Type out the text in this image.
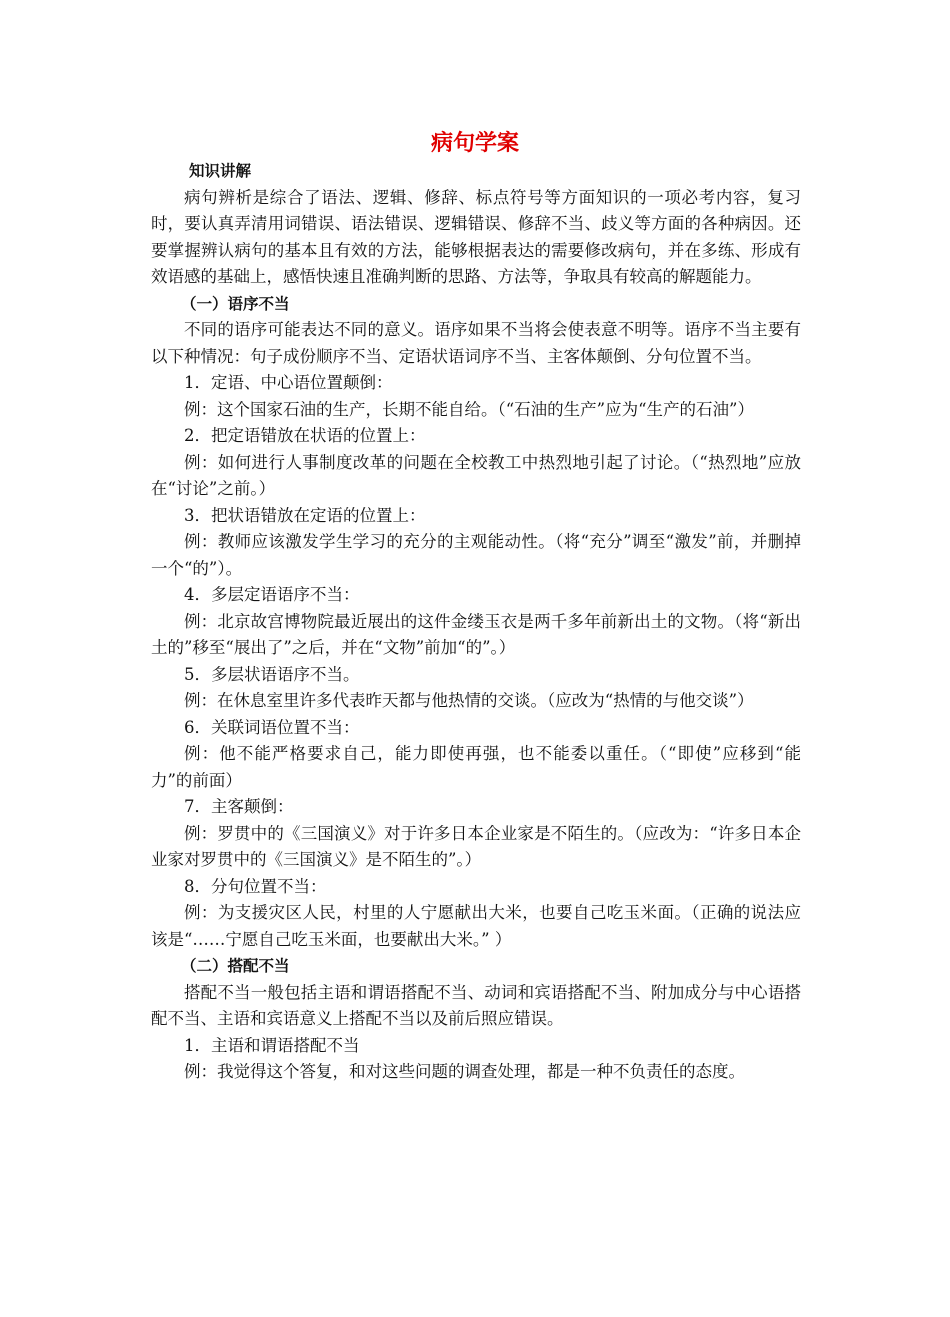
病句学案

知识讲解

病句辨析是综合了语法、逻辑、修辞、标点符号等方面知识的一项必考内容，复习时，要认真弄清用词错误、语法错误、逻辑错误、修辞不当、歧义等方面的各种病因。还要掌握辨认病句的基本且有效的方法，能够根据表达的需要修改病句，并在多练、形成有效语感的基础上，感悟快速且准确判断的思路、方法等，争取具有较高的解题能力。

（一）语序不当

不同的语序可能表达不同的意义。语序如果不当将会使表意不明等。语序不当主要有以下种情况：句子成份顺序不当、定语状语词序不当、主客体颠倒、分句位置不当。

1．定语、中心语位置颠倒：

例：这个国家石油的生产，长期不能自给。（“石油的生产”应为“生产的石油”）

2．把定语错放在状语的位置上：

例：如何进行人事制度改革的问题在全校教工中热烈地引起了讨论。（“热烈地”应放在“讨论”之前。）

3．把状语错放在定语的位置上：

例：教师应该激发学生学习的充分的主观能动性。（将“充分”调至“激发”前，并删掉一个“的”）。

4．多层定语语序不当：

例：北京故宫博物院最近展出的这件金缕玉衣是两千多年前新出土的文物。（将“新出土的”移至“展出了”之后，并在“文物”前加“的”。）

5．多层状语语序不当。

例：在休息室里许多代表昨天都与他热情的交谈。（应改为“热情的与他交谈”）

6．关联词语位置不当：

例：他不能严格要求自己，能力即使再强，也不能委以重任。（“即使”应移到“能力”的前面）

7．主客颠倒：

例：罗贯中的《三国演义》对于许多日本企业家是不陌生的。（应改为：“许多日本企业家对罗贯中的《三国演义》是不陌生的”。）

8．分句位置不当：

例：为支援灾区人民，村里的人宁愿献出大米，也要自己吃玉米面。（正确的说法应该是“……宁愿自己吃玉米面，也要献出大米。” ）

（二）搭配不当

搭配不当一般包括主语和谓语搭配不当、动词和宾语搭配不当、附加成分与中心语搭配不当、主语和宾语意义上搭配不当以及前后照应错误。

1．主语和谓语搭配不当

例：我觉得这个答复，和对这些问题的调查处理，都是一种不负责任的态度。
